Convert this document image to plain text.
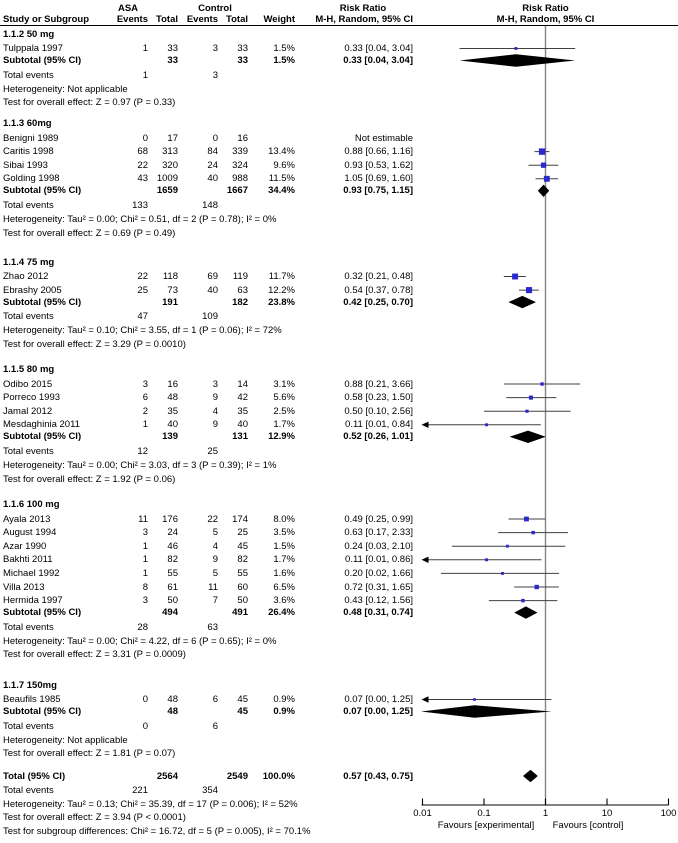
ASA	Control	Risk Ratio	Risk Ratio
Study or Subgroup	Events Total Events Total	Weight	M-H, Random, 95% CI	M-H, Random, 95% CI
1.1.2 50 mg
Tulppala 1997	1	33	3	33	1.5%	0.33 [0.04, 3.04]
Subtotal (95% CI)	33	33	1.5%	0.33 [0.04, 3.04]
Total events	1	3
Heterogeneity: Not applicable
Test for overall effect: Z = 0.97 (P = 0.33)
1.1.3 60mg
Benigni 1989	0	17	0	16	Not estimable
Caritis 1998	68	313	84	339	13.4%	0.88 [0.66, 1.16]
Sibai 1993	22	320	24	324	9.6%	0.93 [0.53, 1.62]
Golding 1998	43 1009	40	988	11.5%	1.05 [0.69, 1.60]
Subtotal (95% CI)	1659	1667	34.4%	0.93 [0.75, 1.15]
Total events	133	148
Heterogeneity: Tau² = 0.00; Chi² = 0.51, df = 2 (P = 0.78); I² = 0%
Test for overall effect: Z = 0.69 (P = 0.49)
1.1.4 75 mg
Zhao 2012	22	118	69	119	11.7%	0.32 [0.21, 0.48]
Ebrashy 2005	25	73	40	63	12.2%	0.54 [0.37, 0.78]
Subtotal (95% CI)	191	182	23.8%	0.42 [0.25, 0.70]
Total events	47	109
Heterogeneity: Tau² = 0.10; Chi² = 3.55, df = 1 (P = 0.06); I² = 72%
Test for overall effect: Z = 3.29 (P = 0.0010)
1.1.5 80 mg
Odibo 2015	3	16	3	14	3.1%	0.88 [0.21, 3.66]
Porreco 1993	6	48	9	42	5.6%	0.58 [0.23, 1.50]
Jamal 2012	2	35	4	35	2.5%	0.50 [0.10, 2.56]
Mesdaghinia 2011	1	40	9	40	1.7%	0.11 [0.01, 0.84]
Subtotal (95% CI)	139	131	12.9%	0.52 [0.26, 1.01]
Total events	12	25
Heterogeneity: Tau² = 0.00; Chi² = 3.03, df = 3 (P = 0.39); I² = 1%
Test for overall effect: Z = 1.92 (P = 0.06)
1.1.6 100 mg
Ayala 2013	11	176	22	174	8.0%	0.49 [0.25, 0.99]
August 1994	3	24	5	25	3.5%	0.63 [0.17, 2.33]
Azar 1990	1	46	4	45	1.5%	0.24 [0.03, 2.10]
Bakhti 2011	1	82	9	82	1.7%	0.11 [0.01, 0.86]
Michael 1992	1	55	5	55	1.6%	0.20 [0.02, 1.66]
Villa 2013	8	61	11	60	6.5%	0.72 [0.31, 1.65]
Hermida 1997	3	50	7	50	3.6%	0.43 [0.12, 1.56]
Subtotal (95% CI)	494	491	26.4%	0.48 [0.31, 0.74]
Total events	28	63
Heterogeneity: Tau² = 0.00; Chi² = 4.22, df = 6 (P = 0.65); I² = 0%
Test for overall effect: Z = 3.31 (P = 0.0009)
1.1.7 150mg
Beaufils 1985	0	48	6	45	0.9%	0.07 [0.00, 1.25]
Subtotal (95% CI)	48	45	0.9%	0.07 [0.00, 1.25]
Total events	0	6
Heterogeneity: Not applicable
Test for overall effect: Z = 1.81 (P = 0.07)
Total (95% CI)	2564	2549	100.0%	0.57 [0.43, 0.75]
Total events	221	354
Heterogeneity: Tau² = 0.13; Chi² = 35.39, df = 17 (P = 0.006); I² = 52%
Test for overall effect: Z = 3.94 (P < 0.0001)
Test for subgroup differences: Chi² = 16.72, df = 5 (P = 0.005), I² = 70.1%
0.01	0.1	1	10	100
Favours [experimental] Favours [control]
